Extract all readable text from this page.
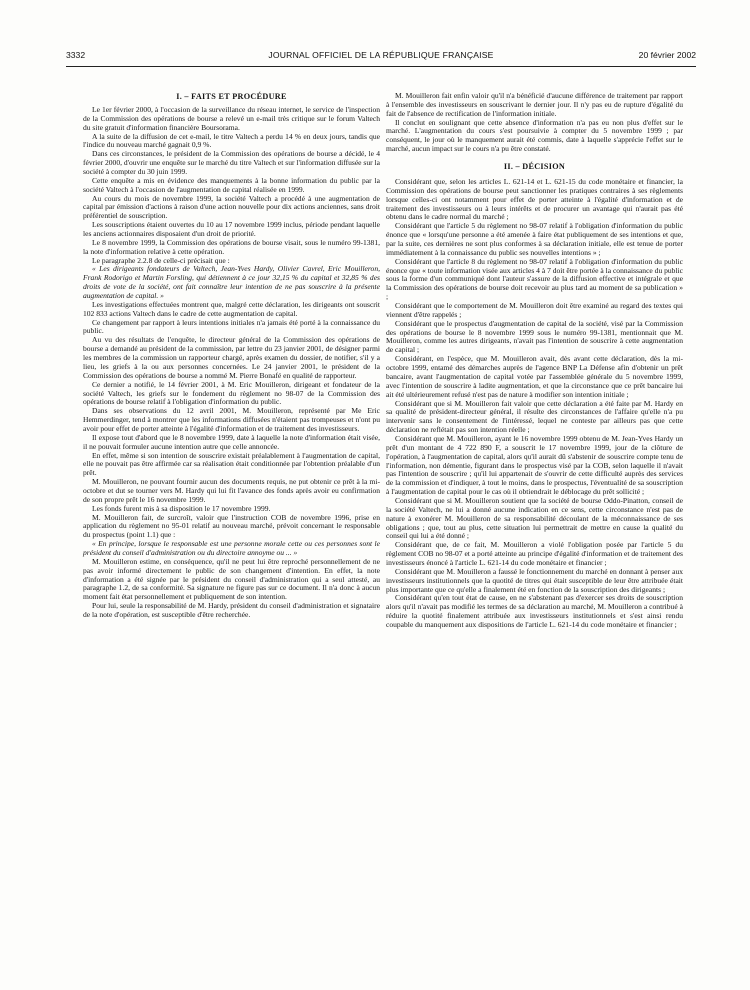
3332	JOURNAL OFFICIEL DE LA RÉPUBLIQUE FRANÇAISE	20 février 2002
I. – FAITS ET PROCÉDURE

Le 1er février 2000, à l'occasion de la surveillance du réseau internet, le service de l'inspection de la Commission des opérations de bourse a relevé un e-mail très critique sur le forum Valtech du site gratuit d'information financière Boursorama.

A la suite de la diffusion de cet e-mail, le titre Valtech a perdu 14 % en deux jours, tandis que l'indice du nouveau marché gagnait 0,9 %.

Dans ces circonstances, le président de la Commission des opérations de bourse a décidé, le 4 février 2000, d'ouvrir une enquête sur le marché du titre Valtech et sur l'information diffusée sur la société à compter du 30 juin 1999.

Cette enquête a mis en évidence des manquements à la bonne information du public par la société Valtech à l'occasion de l'augmentation de capital réalisée en 1999.

Au cours du mois de novembre 1999, la société Valtech a procédé à une augmentation de capital par émission d'actions à raison d'une action nouvelle pour dix actions anciennes, sans droit préférentiel de souscription.

Les souscriptions étaient ouvertes du 10 au 17 novembre 1999 inclus, période pendant laquelle les anciens actionnaires disposaient d'un droit de priorité.

Le 8 novembre 1999, la Commission des opérations de bourse visait, sous le numéro 99-1381, la note d'information relative à cette opération.

Le paragraphe 2.2.8 de celle-ci précisait que :

« Les dirigeants fondateurs de Valtech, Jean-Yves Hardy, Olivier Cavrel, Eric Mouilleron, Frank Rodorigo et Martin Forsling, qui détiennent à ce jour 32,15 % du capital et 32,85 % des droits de vote de la société, ont fait connaître leur intention de ne pas souscrire à la présente augmentation de capital. »

Les investigations effectuées montrent que, malgré cette déclaration, les dirigeants ont souscrit 102 833 actions Valtech dans le cadre de cette augmentation de capital.

Ce changement par rapport à leurs intentions initiales n'a jamais été porté à la connaissance du public.

Au vu des résultats de l'enquête, le directeur général de la Commission des opérations de bourse a demandé au président de la commission, par lettre du 23 janvier 2001, de désigner parmi les membres de la commission un rapporteur chargé, après examen du dossier, de notifier, s'il y a lieu, les griefs à la ou aux personnes concernées. Le 24 janvier 2001, le président de la Commission des opérations de bourse a nommé M. Pierre Bonafé en qualité de rapporteur.

Ce dernier a notifié, le 14 février 2001, à M. Eric Mouilleron, dirigeant et fondateur de la société Valtech, les griefs sur le fondement du règlement no 98-07 de la Commission des opérations de bourse relatif à l'obligation d'information du public.

Dans ses observations du 12 avril 2001, M. Mouilleron, représenté par Me Eric Hemmerdinger, tend à montrer que les informations diffusées n'étaient pas trompeuses et n'ont pu avoir pour effet de porter atteinte à l'égalité d'information et de traitement des investisseurs.

Il expose tout d'abord que le 8 novembre 1999, date à laquelle la note d'information était visée, il ne pouvait formuler aucune intention autre que celle annoncée.

En effet, même si son intention de souscrire existait préalablement à l'augmentation de capital, elle ne pouvait pas être affirmée car sa réalisation était conditionnée par l'obtention préalable d'un prêt.

M. Mouilleron, ne pouvant fournir aucun des documents requis, ne put obtenir ce prêt à la mi-octobre et dut se tourner vers M. Hardy qui lui fit l'avance des fonds après avoir eu confirmation de son propre prêt le 16 novembre 1999.

Les fonds furent mis à sa disposition le 17 novembre 1999.

M. Mouilleron fait, de surcroît, valoir que l'instruction COB de novembre 1996, prise en application du règlement no 95-01 relatif au nouveau marché, prévoit concernant le responsable du prospectus (point 1.1) que :

« En principe, lorsque le responsable est une personne morale cette ou ces personnes sont le président du conseil d'administration ou du directoire annoyme ou ... »

M. Mouilleron estime, en conséquence, qu'il ne peut lui être reproché personnellement de ne pas avoir informé directement le public de son changement d'intention. En effet, la note d'information a été signée par le président du conseil d'administration qui a seul attesté, au paragraphe 1.2, de sa conformité. Sa signature ne figure pas sur ce document. Il n'a donc à aucun moment fait état personnellement et publiquement de son intention.

Pour lui, seule la responsabilité de M. Hardy, président du conseil d'administration et signataire de la note d'opération, est susceptible d'être recherchée.

M. Mouilleron fait enfin valoir qu'il n'a bénéficié d'aucune différence de traitement par rapport à l'ensemble des investisseurs en souscrivant le dernier jour. Il n'y pas eu de rupture d'égalité du fait de l'absence de rectification de l'information initiale.

Il conclut en soulignant que cette absence d'information n'a pas eu non plus d'effet sur le marché. L'augmentation du cours s'est poursuivie à compter du 5 novembre 1999 ; par conséquent, le jour où le manquement aurait été commis, date à laquelle s'apprécie l'effet sur le marché, aucun impact sur le cours n'a pu être constaté.

II. – DÉCISION

Considérant que, selon les articles L. 621-14 et L. 621-15 du code monétaire et financier, la Commission des opérations de bourse peut sanctionner les pratiques contraires à ses règlements lorsque celles-ci ont notamment pour effet de porter atteinte à l'égalité d'information et de traitement des investisseurs ou à leurs intérêts et de procurer un avantage qui n'aurait pas été obtenu dans le cadre normal du marché ;

Considérant que l'article 5 du règlement no 98-07 relatif à l'obligation d'information du public énonce que « lorsqu'une personne a été amenée à faire état publiquement de ses intentions et que, par la suite, ces dernières ne sont plus conformes à sa déclaration initiale, elle est tenue de porter immédiatement à la connaissance du public ses nouvelles intentions » ;

Considérant que l'article 8 du règlement no 98-07 relatif à l'obligation d'information du public énonce que « toute information visée aux articles 4 à 7 doit être portée à la connaissance du public sous la forme d'un communiqué dont l'auteur s'assure de la diffusion effective et intégrale et que la Commission des opérations de bourse doit recevoir au plus tard au moment de sa publication » ;

Considérant que le comportement de M. Mouilleron doit être examiné au regard des textes qui viennent d'être rappelés ;

Considérant que le prospectus d'augmentation de capital de la société, visé par la Commission des opérations de bourse le 8 novembre 1999 sous le numéro 99-1381, mentionnait que M. Mouilleron, comme les autres dirigeants, n'avait pas l'intention de souscrire à cette augmentation de capital ;

Considérant, en l'espèce, que M. Mouilleron avait, dès avant cette déclaration, dès la mi-octobre 1999, entamé des démarches auprès de l'agence BNP La Défense afin d'obtenir un prêt bancaire, avant l'augmentation de capital votée par l'assemblée générale du 5 novembre 1999, avec l'intention de souscrire à ladite augmentation, et que la circonstance que ce prêt bancaire lui ait été ultérieurement refusé n'est pas de nature à modifier son intention initiale ;

Considérant que si M. Mouilleron fait valoir que cette déclaration a été faite par M. Hardy en sa qualité de président-directeur général, il résulte des circonstances de l'affaire qu'elle n'a pu intervenir sans le consentement de l'intéressé, lequel ne conteste par ailleurs pas que cette déclaration ne reflétait pas son intention réelle ;

Considérant que M. Mouilleron, ayant le 16 novembre 1999 obtenu de M. Jean-Yves Hardy un prêt d'un montant de 4 722 890 F, a souscrit le 17 novembre 1999, jour de la clôture de l'opération, à l'augmentation de capital, alors qu'il aurait dû s'abstenir de souscrire compte tenu de l'information, non démentie, figurant dans le prospectus visé par la COB, selon laquelle il n'avait pas l'intention de souscrire ; qu'il lui appartenait de s'ouvrir de cette difficulté auprès des services de la commission et d'indiquer, à tout le moins, dans le prospectus, l'éventualité de sa souscription à l'augmentation de capital pour le cas où il obtiendrait le déblocage du prêt sollicité ;

Considérant que si M. Mouilleron soutient que la société de bourse Oddo-Pinatton, conseil de la société Valtech, ne lui a donné aucune indication en ce sens, cette circonstance n'est pas de nature à exonérer M. Mouilleron de sa responsabilité découlant de la méconnaissance de ses obligations ; que, tout au plus, cette situation lui permettrait de mettre en cause la qualité du conseil qui lui a été donné ;

Considérant que, de ce fait, M. Mouilleron a violé l'obligation posée par l'article 5 du règlement COB no 98-07 et a porté atteinte au principe d'égalité d'information et de traitement des investisseurs énoncé à l'article L. 621-14 du code monétaire et financier ;

Considérant que M. Mouilleron a faussé le fonctionnement du marché en donnant à penser aux investisseurs institutionnels que la quotité de titres qui était susceptible de leur être attribuée était plus importante que ce qu'elle a finalement été en fonction de la souscription des dirigeants ;

Considérant qu'en tout état de cause, en ne s'abstenant pas d'exercer ses droits de souscription alors qu'il n'avait pas modifié les termes de sa déclaration au marché, M. Mouilleron a contribué à réduire la quotité finalement attribuée aux investisseurs institutionnels et s'est ainsi rendu coupable du manquement aux dispositions de l'article L. 621-14 du code monétaire et financier ;
